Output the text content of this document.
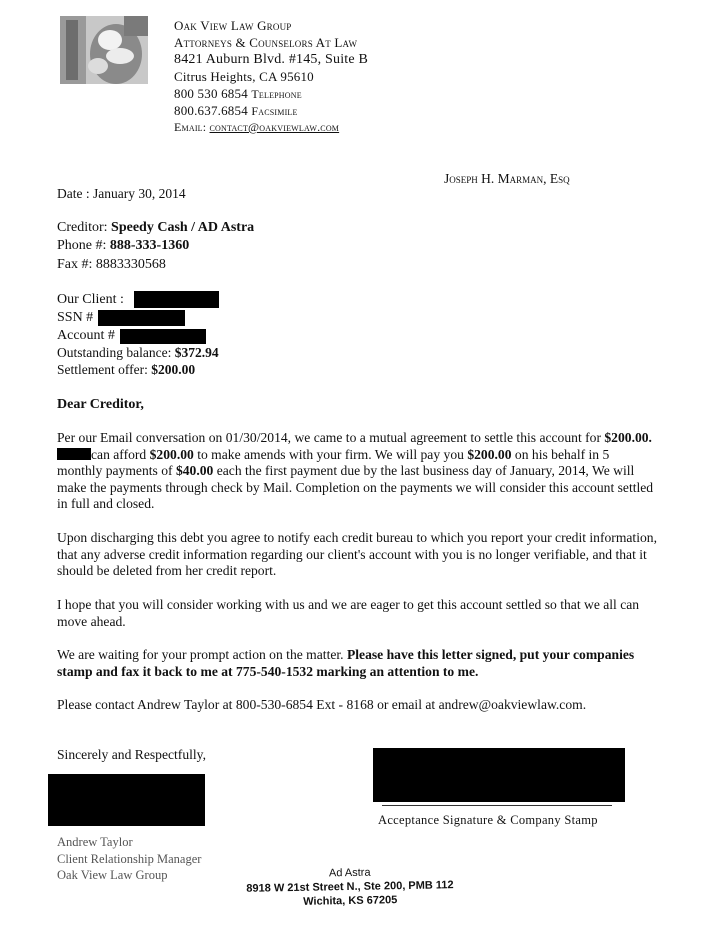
Oak View Law Group
Attorneys & Counselors At Law
8421 Auburn Blvd. #145, Suite B
Citrus Heights, CA 95610
800 530 6854 Telephone
800.637.6854 Facsimile
Email: contact@oakviewlaw.com
Joseph H. Marman, Esq
Date : January 30, 2014
Creditor: Speedy Cash / AD Astra
Phone #: 888-333-1360
Fax #: 8883330568
Our Client :
SSN #
Account #
Outstanding balance: $372.94
Settlement offer: $200.00
Dear Creditor,
Per our Email conversation on 01/30/2014, we came to a mutual agreement to settle this account for $200.00. can afford $200.00 to make amends with your firm. We will pay you $200.00 on his behalf in 5 monthly payments of $40.00 each the first payment due by the last business day of January, 2014, We will make the payments through check by Mail. Completion on the payments we will consider this account settled in full and closed.
Upon discharging this debt you agree to notify each credit bureau to which you report your credit information, that any adverse credit information regarding our client's account with you is no longer verifiable, and that it should be deleted from her credit report.
I hope that you will consider working with us and we are eager to get this account settled so that we all can move ahead.
We are waiting for your prompt action on the matter. Please have this letter signed, put your companies stamp and fax it back to me at 775-540-1532 marking an attention to me.
Please contact Andrew Taylor at 800-530-6854 Ext - 8168 or email at andrew@oakviewlaw.com.
Sincerely and Respectfully,
Acceptance Signature & Company Stamp
Andrew Taylor
Client Relationship Manager
Oak View Law Group	Ad Astra
8918 W 21st Street N., Ste 200, PMB 112
Wichita, KS 67205
